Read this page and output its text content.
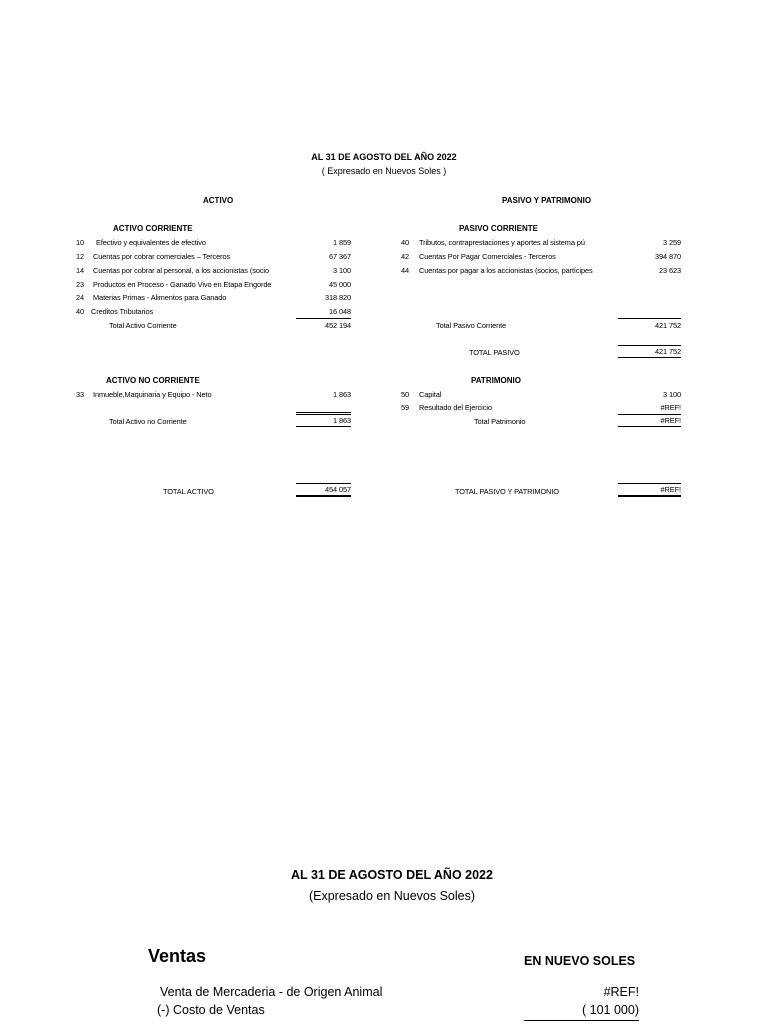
AL 31 DE AGOSTO DEL AÑO 2022
( Expresado en Nuevos Soles )
ACTIVO	PASIVO Y PATRIMONIO
ACTIVO CORRIENTE
10 Efectivo y equivalentes de efectivo	1 859
12 Cuentas por cobrar comerciales – Terceros	67 367
14 Cuentas por cobrar al personal, a los accionistas (socio	3 100
23 Productos en Proceso - Ganado Vivo en Etapa Engorde	45 000
24 Materias Primas - Alimentos para Ganado	318 820
40 Creditos Tributarios	16 048
Total Activo Corriente	452 194
ACTIVO NO CORRIENTE
33 Inmueble,Maquinaria y Equipo - Neto	1 863
Total Activo no Corriente	1 863
TOTAL ACTIVO	454 057
PASIVO CORRIENTE
40 Tributos, contraprestaciones y aportes al sistema pú	3 259
42 Cuentas Por Pagar Comerciales - Terceros	394 870
44 Cuentas por pagar a los accionistas (socios, partícipes	23 623
Total Pasivo Corriente	421 752
TOTAL PASIVO	421 752
PATRIMONIO
50 Capital	3 100
59 Resultado del Ejercicio	#REF!
Total Patrimonio	#REF!
TOTAL PASIVO Y PATRIMONIO	#REF!
AL 31 DE AGOSTO DEL AÑO 2022
(Expresado en Nuevos Soles)
Ventas	EN NUEVO SOLES
Venta de Mercaderia - de Origen Animal	#REF!
(-) Costo de Ventas	( 101 000)
